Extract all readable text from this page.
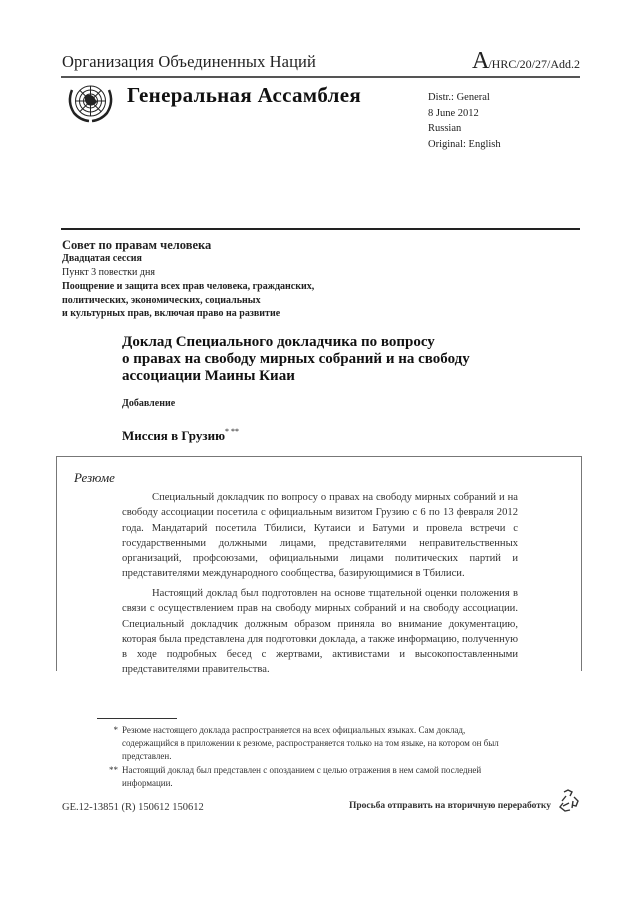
Организация Объединенных Наций	A/HRC/20/27/Add.2
Генеральная Ассамблея	Distr.: General
8 June 2012
Russian
Original: English
Совет по правам человека
Двадцатая сессия
Пункт 3 повестки дня
Поощрение и защита всех прав человека, гражданских,
политических, экономических, социальных
и культурных прав, включая право на развитие
Доклад Специального докладчика по вопросу
о правах на свободу мирных собраний и на свободу
ассоциации Маины Киаи
Добавление
Миссия в Грузию* **
Резюме
Специальный докладчик по вопросу о правах на свободу мирных собраний и на свободу ассоциации посетила с официальным визитом Грузию с 6 по 13 февраля 2012 года. Мандатарий посетила Тбилиси, Кутаиси и Батуми и провела встречи с государственными должными лицами, представителями неправительственных организаций, профсоюзами, официальными лицами политических партий и представителями международного сообщества, базирующимися в Тбилиси.
Настоящий доклад был подготовлен на основе тщательной оценки положения в связи с осуществлением прав на свободу мирных собраний и на свободу ассоциации. Специальный докладчик должным образом приняла во внимание документацию, которая была представлена для подготовки доклада, а также информацию, полученную в ходе подробных бесед с жертвами, активистами и высокопоставленными представителями правительства.
* Резюме настоящего доклада распространяется на всех официальных языках. Сам доклад, содержащийся в приложении к резюме, распространяется только на том языке, на котором он был представлен.
** Настоящий доклад был представлен с опозданием с целью отражения в нем самой последней информации.
GE.12-13851 (R) 150612 150612	Просьба отправить на вторичную переработку
